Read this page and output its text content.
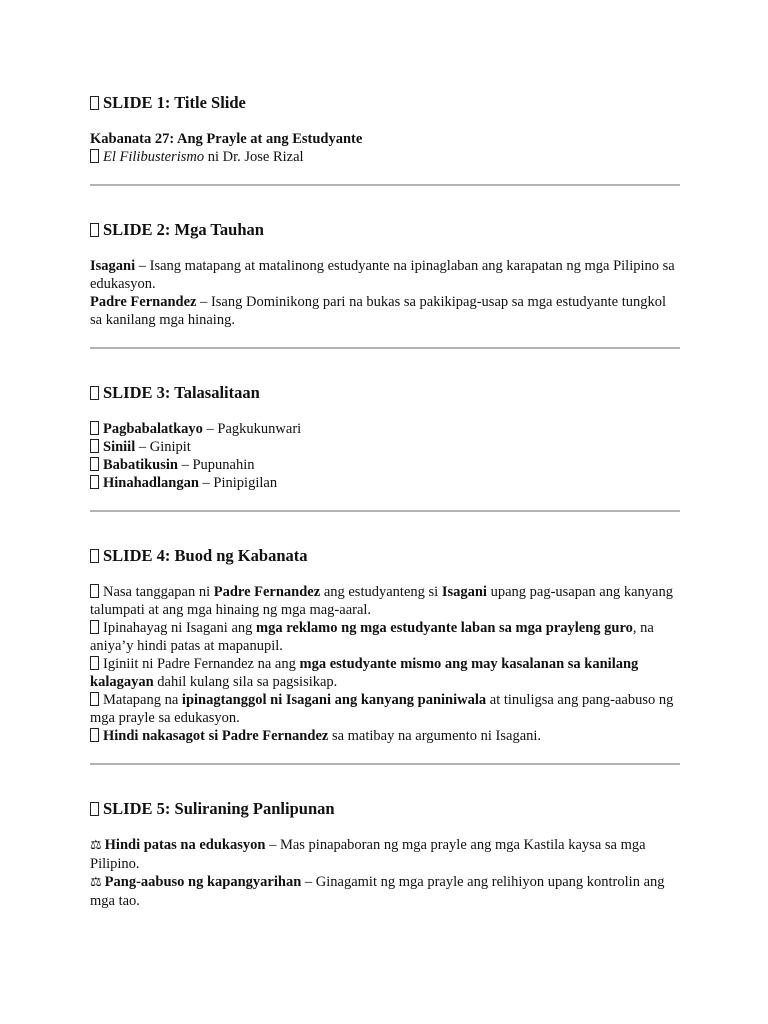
SLIDE 1: Title Slide

Kabanata 27: Ang Prayle at ang Estudyante

El Filibusterismo ni Dr. Jose Rizal

SLIDE 2: Mga Tauhan

Isagani – Isang matapang at matalinong estudyante na ipinaglaban ang karapatan ng mga Pilipino sa edukasyon.

Padre Fernandez – Isang Dominikong pari na bukas sa pakikipag-usap sa mga estudyante tungkol sa kanilang mga hinaing.

SLIDE 3: Talasalitaan

Pagbabalatkayo – Pagkukunwari

Siniil – Ginipit

Babatikusin – Pupunahin

Hinahadlangan – Pinipigilan

SLIDE 4: Buod ng Kabanata

Nasa tanggapan ni Padre Fernandez ang estudyanteng si Isagani upang pag-usapan ang kanyang talumpati at ang mga hinaing ng mga mag-aaral.

Ipinahayag ni Isagani ang mga reklamo ng mga estudyante laban sa mga prayleng guro, na aniya’y hindi patas at mapanupil.

Iginiit ni Padre Fernandez na ang mga estudyante mismo ang may kasalanan sa kanilang kalagayan dahil kulang sila sa pagsisikap.

Matapang na ipinagtanggol ni Isagani ang kanyang paniniwala at tinuligsa ang pang-aabuso ng mga prayle sa edukasyon.

Hindi nakasagot si Padre Fernandez sa matibay na argumento ni Isagani.

SLIDE 5: Suliraning Panlipunan

⚖ Hindi patas na edukasyon – Mas pinapaboran ng mga prayle ang mga Kastila kaysa sa mga Pilipino.

⚖ Pang-aabuso ng kapangyarihan – Ginagamit ng mga prayle ang relihiyon upang kontrolin ang mga tao.
